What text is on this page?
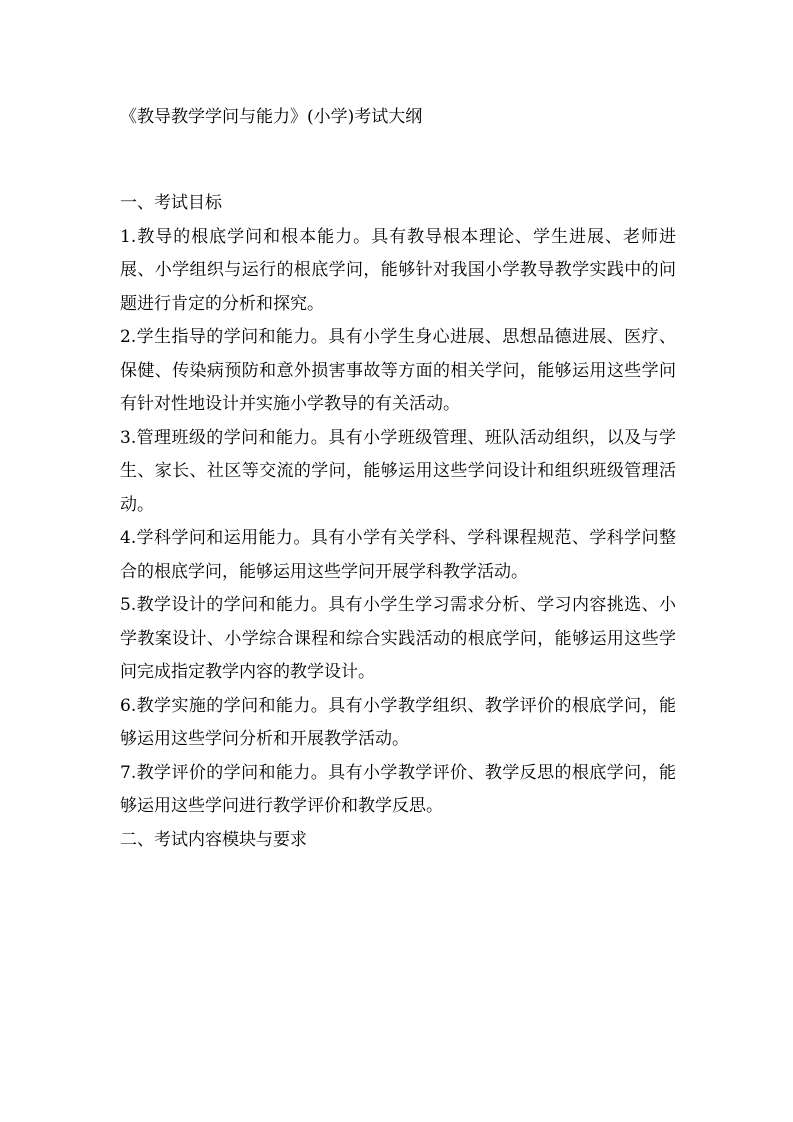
《教导教学学问与能力》(小学)考试大纲

一、考试目标

1.教导的根底学问和根本能力。具有教导根本理论、学生进展、老师进展、小学组织与运行的根底学问，能够针对我国小学教导教学实践中的问题进行肯定的分析和探究。

2.学生指导的学问和能力。具有小学生身心进展、思想品德进展、医疗、保健、传染病预防和意外损害事故等方面的相关学问，能够运用这些学问有针对性地设计并实施小学教导的有关活动。

3.管理班级的学问和能力。具有小学班级管理、班队活动组织，以及与学生、家长、社区等交流的学问，能够运用这些学问设计和组织班级管理活动。

4.学科学问和运用能力。具有小学有关学科、学科课程规范、学科学问整合的根底学问，能够运用这些学问开展学科教学活动。

5.教学设计的学问和能力。具有小学生学习需求分析、学习内容挑选、小学教案设计、小学综合课程和综合实践活动的根底学问，能够运用这些学问完成指定教学内容的教学设计。

6.教学实施的学问和能力。具有小学教学组织、教学评价的根底学问，能够运用这些学问分析和开展教学活动。

7.教学评价的学问和能力。具有小学教学评价、教学反思的根底学问，能够运用这些学问进行教学评价和教学反思。

二、考试内容模块与要求
